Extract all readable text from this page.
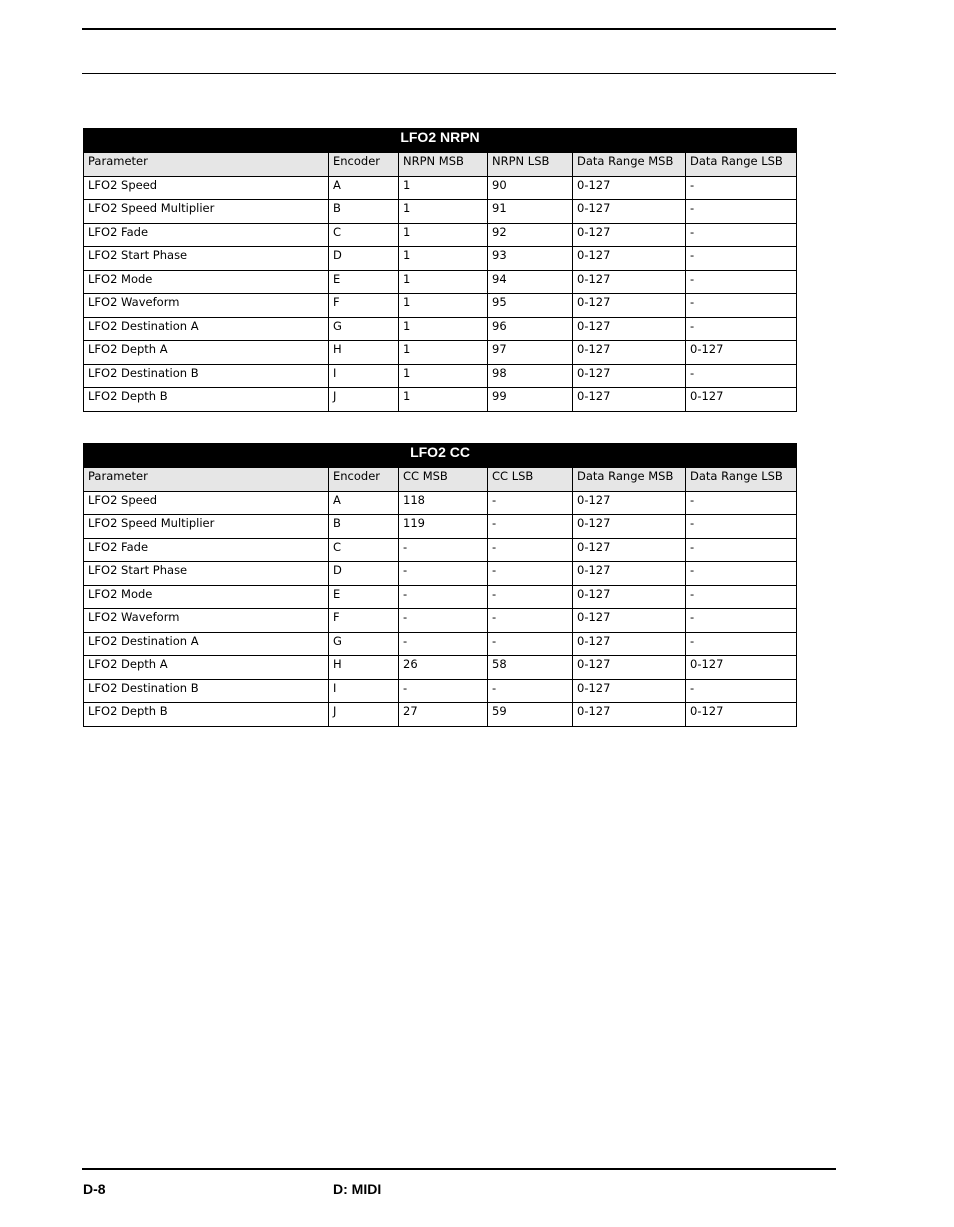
LFO2 NRPN					
Parameter	Encoder	NRPN MSB	NRPN LSB	Data Range MSB	Data Range LSB
LFO2 Speed	A	1	90	0-127	-
LFO2 Speed Multiplier	B	1	91	0-127	-
LFO2 Fade	C	1	92	0-127	-
LFO2 Start Phase	D	1	93	0-127	-
LFO2 Mode	E	1	94	0-127	-
LFO2 Waveform	F	1	95	0-127	-
LFO2 Destination A	G	1	96	0-127	-
LFO2 Depth A	H	1	97	0-127	0-127
LFO2 Destination B	I	1	98	0-127	-
LFO2 Depth B	J	1	99	0-127	0-127
LFO2 CC					
Parameter	Encoder	CC MSB	CC LSB	Data Range MSB	Data Range LSB
LFO2 Speed	A	118	-	0-127	-
LFO2 Speed Multiplier	B	119	-	0-127	-
LFO2 Fade	C	-	-	0-127	-
LFO2 Start Phase	D	-	-	0-127	-
LFO2 Mode	E	-	-	0-127	-
LFO2 Waveform	F	-	-	0-127	-
LFO2 Destination A	G	-	-	0-127	-
LFO2 Depth A	H	26	58	0-127	0-127
LFO2 Destination B	I	-	-	0-127	-
LFO2 Depth B	J	27	59	0-127	0-127
D-8	D: MIDI
